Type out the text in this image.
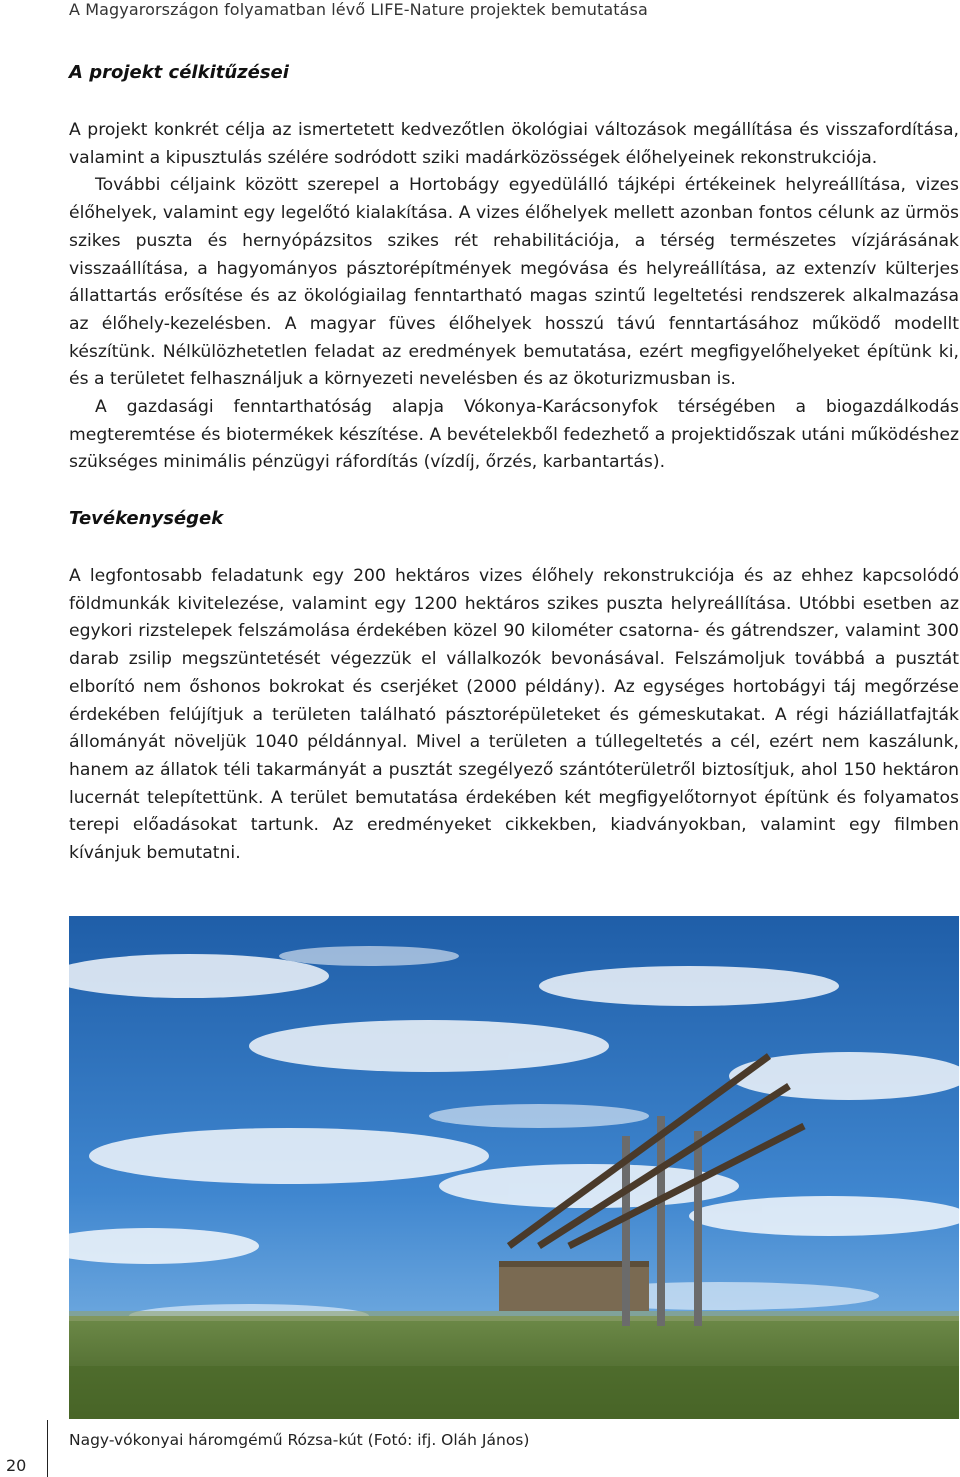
A Magyarországon folyamatban lévő LIFE-Nature projektek bemutatása
A projekt célkitűzései

A projekt konkrét célja az ismertetett kedvezőtlen ökológiai változások megállítása és visszafordítása, valamint a kipusztulás szélére sodródott sziki madárközösségek élőhelyeinek rekonstrukciója.

További céljaink között szerepel a Hortobágy egyedülálló tájképi értékeinek helyreállítása, vizes élőhelyek, valamint egy legelőtó kialakítása. A vizes élőhelyek mellett azonban fontos célunk az ürmös szikes puszta és hernyópázsitos szikes rét rehabilitációja, a térség természetes vízjárásának visszaállítása, a hagyományos pásztorépítmények megóvása és helyreállítása, az extenzív külterjes állattartás erősítése és az ökológiailag fenntartható magas szintű legeltetési rendszerek alkalmazása az élőhely-kezelésben. A magyar füves élőhelyek hosszú távú fenntartásához működő modellt készítünk. Nélkülözhetetlen feladat az eredmények bemutatása, ezért megfigyelőhelyeket építünk ki, és a területet felhasználjuk a környezeti nevelésben és az ökoturizmusban is.

A gazdasági fenntarthatóság alapja Vókonya-Karácsonyfok térségében a biogazdálkodás megteremtése és biotermékek készítése. A bevételekből fedezhető a projektidőszak utáni működéshez szükséges minimális pénzügyi ráfordítás (vízdíj, őrzés, karbantartás).

Tevékenységek

A legfontosabb feladatunk egy 200 hektáros vizes élőhely rekonstrukciója és az ehhez kapcsolódó földmunkák kivitelezése, valamint egy 1200 hektáros szikes puszta helyreállítása. Utóbbi esetben az egykori rizstelepek felszámolása érdekében közel 90 kilométer csatorna- és gátrendszer, valamint 300 darab zsilip megszüntetését végezzük el vállalkozók bevonásával. Felszámoljuk továbbá a pusztát elborító nem őshonos bokrokat és cserjéket (2000 példány). Az egységes hortobágyi táj megőrzése érdekében felújítjuk a területen található pásztorépületeket és gémeskutakat. A régi háziállatfajták állományát növeljük 1040 példánnyal. Mivel a területen a túllegeltetés a cél, ezért nem kaszálunk, hanem az állatok téli takarmányát a pusztát szegélyező szántóterületről biztosítjuk, ahol 150 hektáron lucernát telepítettünk. A terület bemutatása érdekében két megfigyelőtornyot építünk és folyamatos terepi előadásokat tartunk. Az eredményeket cikkekben, kiadványokban, valamint egy filmben kívánjuk bemutatni.

Nagy-vókonyai háromgémű Rózsa-kút (Fotó: ifj. Oláh János)
20
